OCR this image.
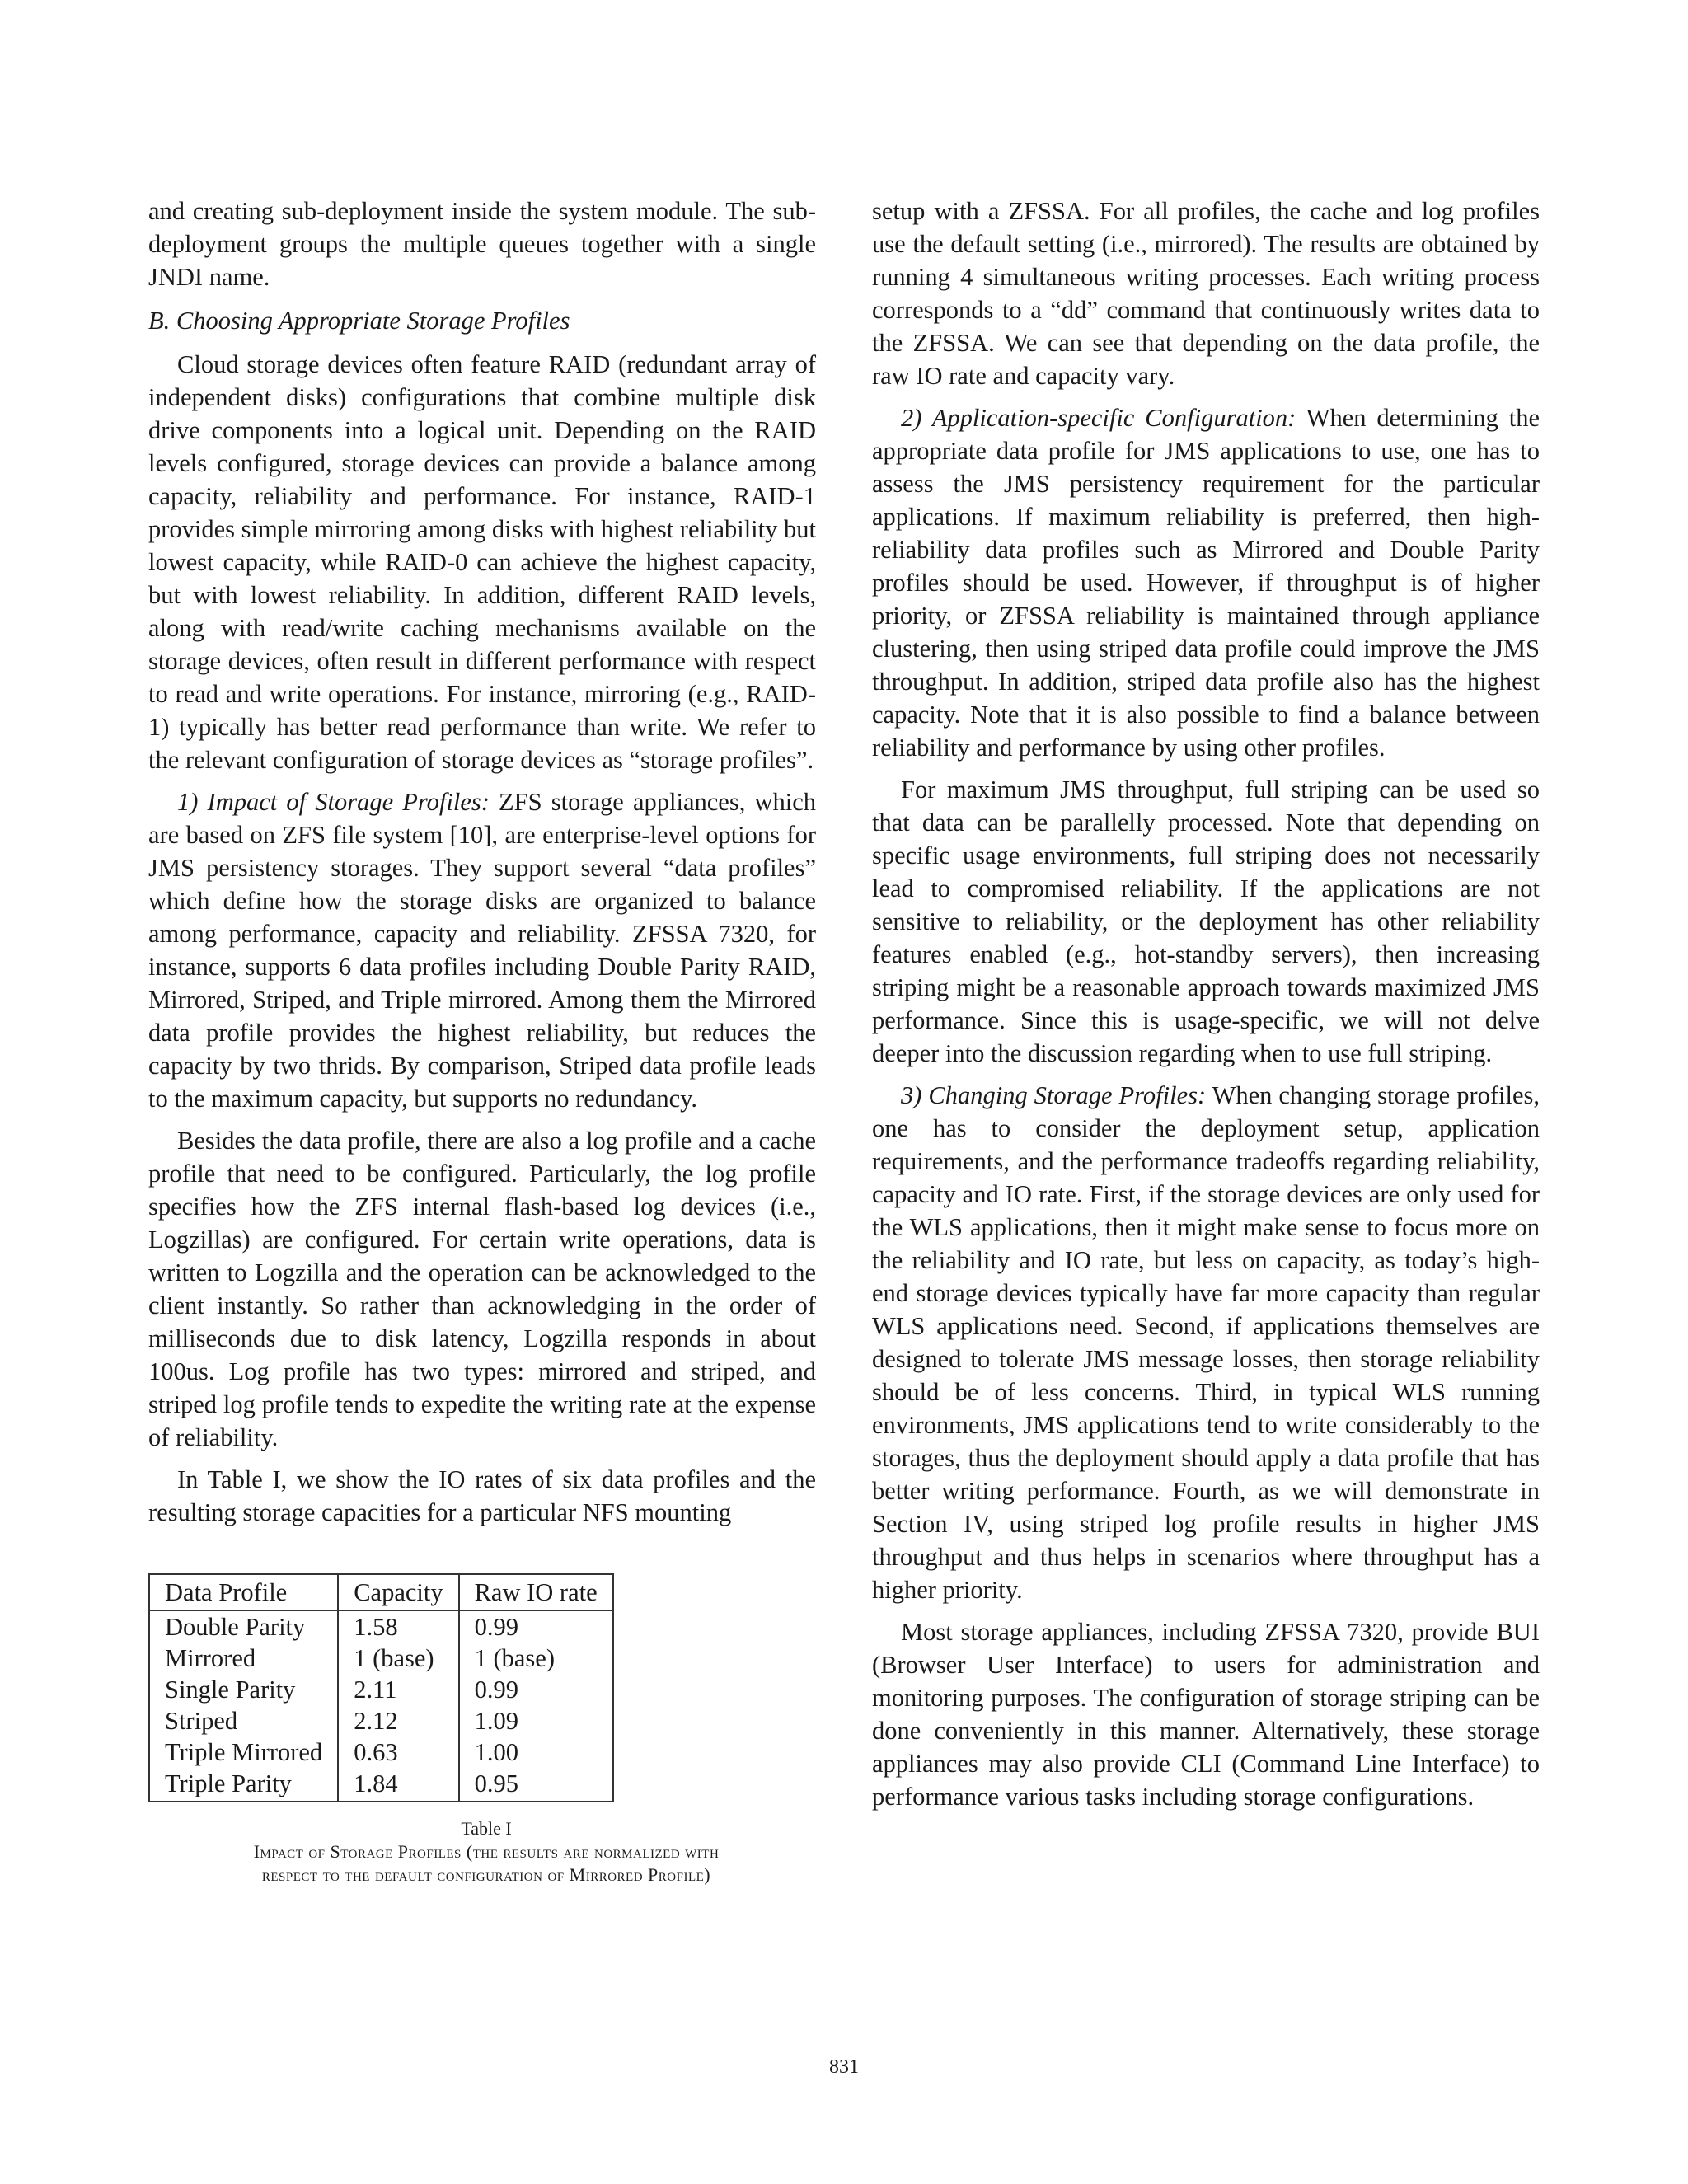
and creating sub-deployment inside the system module. The sub-deployment groups the multiple queues together with a single JNDI name.

B. Choosing Appropriate Storage Profiles

Cloud storage devices often feature RAID (redundant array of independent disks) configurations that combine multiple disk drive components into a logical unit. Depending on the RAID levels configured, storage devices can provide a balance among capacity, reliability and performance. For instance, RAID-1 provides simple mirroring among disks with highest reliability but lowest capacity, while RAID-0 can achieve the highest capacity, but with lowest reliability. In addition, different RAID levels, along with read/write caching mechanisms available on the storage devices, often result in different performance with respect to read and write operations. For instance, mirroring (e.g., RAID-1) typically has better read performance than write. We refer to the relevant configuration of storage devices as “storage profiles”.

1) Impact of Storage Profiles: ZFS storage appliances, which are based on ZFS file system [10], are enterprise-level options for JMS persistency storages. They support several “data profiles” which define how the storage disks are organized to balance among performance, capacity and reliability. ZFSSA 7320, for instance, supports 6 data profiles including Double Parity RAID, Mirrored, Striped, and Triple mirrored. Among them the Mirrored data profile provides the highest reliability, but reduces the capacity by two thrids. By comparison, Striped data profile leads to the maximum capacity, but supports no redundancy.

Besides the data profile, there are also a log profile and a cache profile that need to be configured. Particularly, the log profile specifies how the ZFS internal flash-based log devices (i.e., Logzillas) are configured. For certain write operations, data is written to Logzilla and the operation can be acknowledged to the client instantly. So rather than acknowledging in the order of milliseconds due to disk latency, Logzilla responds in about 100us. Log profile has two types: mirrored and striped, and striped log profile tends to expedite the writing rate at the expense of reliability.

In Table I, we show the IO rates of six data profiles and the resulting storage capacities for a particular NFS mounting

Data Profile	Capacity	Raw IO rate
Double Parity	1.58	0.99
Mirrored	1 (base)	1 (base)
Single Parity	2.11	0.99
Striped	2.12	1.09
Triple Mirrored	0.63	1.00
Triple Parity	1.84	0.95
Table I
Impact of Storage Profiles (the results are normalized with
respect to the default configuration of Mirrored Profile)

setup with a ZFSSA. For all profiles, the cache and log profiles use the default setting (i.e., mirrored). The results are obtained by running 4 simultaneous writing processes. Each writing process corresponds to a “dd” command that continuously writes data to the ZFSSA. We can see that depending on the data profile, the raw IO rate and capacity vary.

2) Application-specific Configuration: When determining the appropriate data profile for JMS applications to use, one has to assess the JMS persistency requirement for the particular applications. If maximum reliability is preferred, then high-reliability data profiles such as Mirrored and Double Parity profiles should be used. However, if throughput is of higher priority, or ZFSSA reliability is maintained through appliance clustering, then using striped data profile could improve the JMS throughput. In addition, striped data profile also has the highest capacity. Note that it is also possible to find a balance between reliability and performance by using other profiles.

For maximum JMS throughput, full striping can be used so that data can be parallelly processed. Note that depending on specific usage environments, full striping does not necessarily lead to compromised reliability. If the applications are not sensitive to reliability, or the deployment has other reliability features enabled (e.g., hot-standby servers), then increasing striping might be a reasonable approach towards maximized JMS performance. Since this is usage-specific, we will not delve deeper into the discussion regarding when to use full striping.

3) Changing Storage Profiles: When changing storage profiles, one has to consider the deployment setup, application requirements, and the performance tradeoffs regarding reliability, capacity and IO rate. First, if the storage devices are only used for the WLS applications, then it might make sense to focus more on the reliability and IO rate, but less on capacity, as today’s high-end storage devices typically have far more capacity than regular WLS applications need. Second, if applications themselves are designed to tolerate JMS message losses, then storage reliability should be of less concerns. Third, in typical WLS running environments, JMS applications tend to write considerably to the storages, thus the deployment should apply a data profile that has better writing performance. Fourth, as we will demonstrate in Section IV, using striped log profile results in higher JMS throughput and thus helps in scenarios where throughput has a higher priority.

Most storage appliances, including ZFSSA 7320, provide BUI (Browser User Interface) to users for administration and monitoring purposes. The configuration of storage striping can be done conveniently in this manner. Alternatively, these storage appliances may also provide CLI (Command Line Interface) to performance various tasks including storage configurations.

831
